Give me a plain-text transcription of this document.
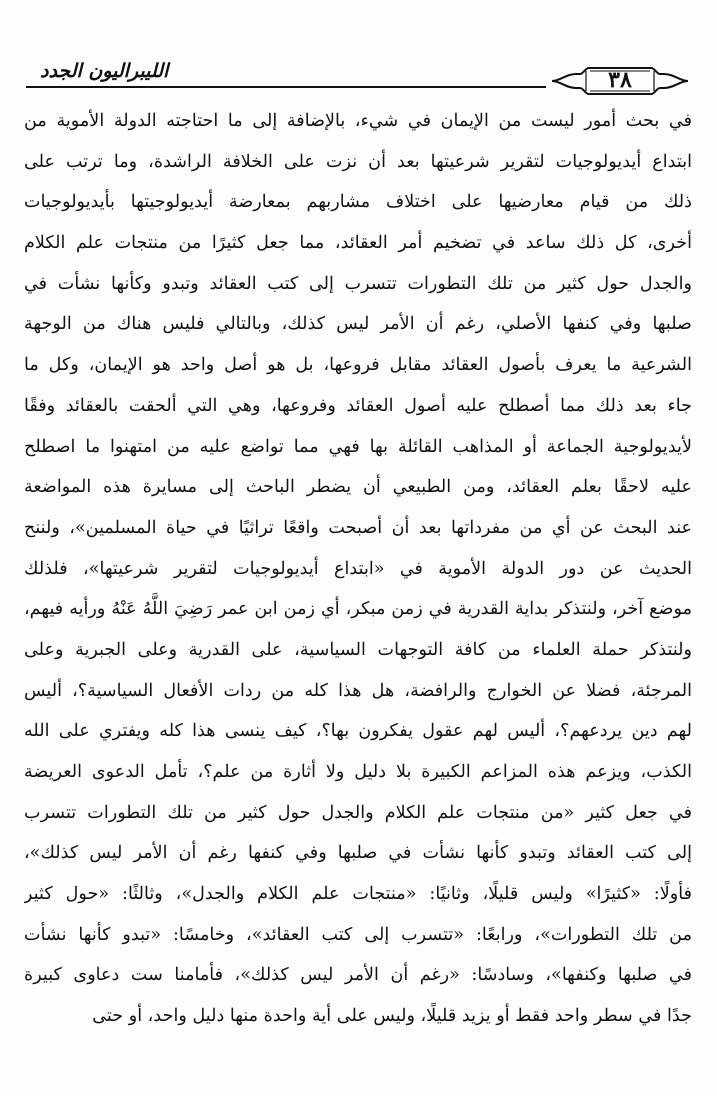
الليبراليون الجدد	٣٨
في بحث أمور ليست من الإيمان في شيء، بالإضافة إلى ما احتاجته الدولة الأموية من
ابتداع أيديولوجيات لتقرير شرعيتها بعد أن نزت على الخلافة الراشدة، وما ترتب على
ذلك من قيام معارضيها على اختلاف مشاربهم بمعارضة أيديولوجيتها بأيديولوجيات
أخرى، كل ذلك ساعد في تضخيم أمر العقائد، مما جعل كثيرًا من منتجات علم الكلام
والجدل حول كثير من تلك التطورات تتسرب إلى كتب العقائد وتبدو وكأنها نشأت في
صلبها وفي كنفها الأصلي، رغم أن الأمر ليس كذلك، وبالتالي فليس هناك من الوجهة
الشرعية ما يعرف بأصول العقائد مقابل فروعها، بل هو أصل واحد هو الإيمان، وكل ما
جاء بعد ذلك مما أصطلح عليه أصول العقائد وفروعها، وهي التي ألحقت بالعقائد وفقًا
لأيديولوجية الجماعة أو المذاهب القائلة بها فهي مما تواضع عليه من امتهنوا ما اصطلح
عليه لاحقًا بعلم العقائد، ومن الطبيعي أن يضطر الباحث إلى مسايرة هذه المواضعة
عند البحث عن أي من مفرداتها بعد أن أصبحت واقعًا تراثيًا في حياة المسلمين»، ولننح
الحديث عن دور الدولة الأموية في «ابتداع أيديولوجيات لتقرير شرعيتها»، فلذلك
موضع آخر، ولنتذكر بداية القدرية في زمن مبكر، أي زمن ابن عمر رَضِيَ اللَّهُ عَنْهُ ورأيه فيهم،
ولنتذكر حملة العلماء من كافة التوجهات السياسية، على القدرية وعلى الجبرية وعلى
المرجئة، فضلا عن الخوارج والرافضة، هل هذا كله من ردات الأفعال السياسية؟، أليس
لهم دين يردعهم؟، أليس لهم عقول يفكرون بها؟، كيف ينسى هذا كله ويفتري على الله
الكذب، ويزعم هذه المزاعم الكبيرة بلا دليل ولا أثارة من علم؟، تأمل الدعوى العريضة
في جعل كثير «من منتجات علم الكلام والجدل حول كثير من تلك التطورات تتسرب
إلى كتب العقائد وتبدو كأنها نشأت في صلبها وفي كنفها رغم أن الأمر ليس كذلك»،
فأولًا: «كثيرًا» وليس قليلًا، وثانيًا: «منتجات علم الكلام والجدل»، وثالثًا: «حول كثير
من تلك التطورات»، ورابعًا: «تتسرب إلى كتب العقائد»، وخامسًا: «تبدو كأنها نشأت
في صلبها وكنفها»، وسادسًا: «رغم أن الأمر ليس كذلك»، فأمامنا ست دعاوى كبيرة
جدًا في سطر واحد فقط أو يزيد قليلًا، وليس على أية واحدة منها دليل واحد، أو حتى
